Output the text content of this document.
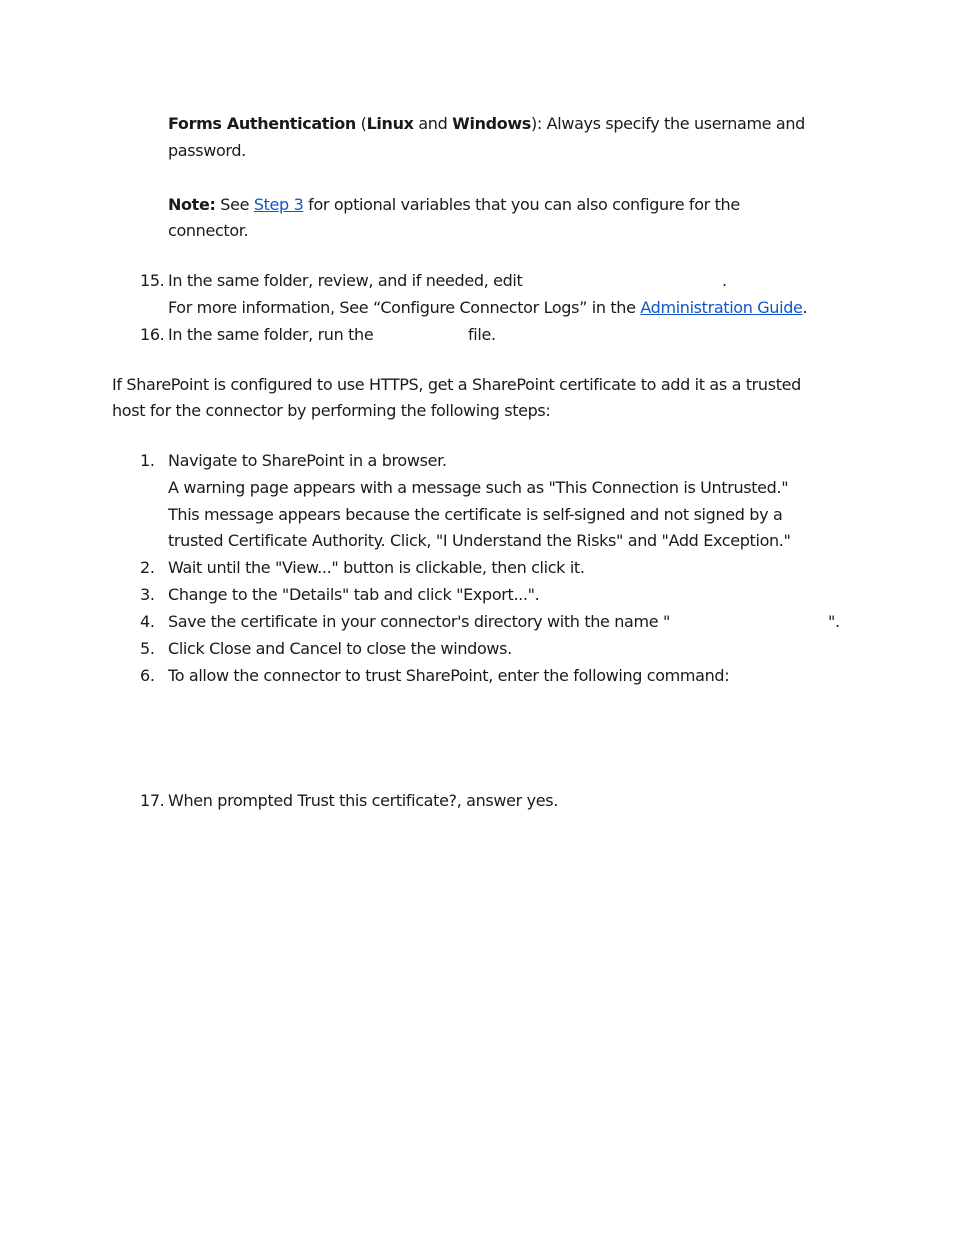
Forms Authentication (Linux and Windows): Always specify the username and
password.
Note: See Step 3 for optional variables that you can also configure for the
connector.
15. In the same folder, review, and if needed, edit	.
For more information, See “Configure Connector Logs” in the Administration Guide.
16. In the same folder, run the	file.
If SharePoint is configured to use HTTPS, get a SharePoint certificate to add it as a trusted
host for the connector by performing the following steps:
1. Navigate to SharePoint in a browser.
A warning page appears with a message such as "This Connection is Untrusted."
This message appears because the certificate is self-signed and not signed by a
trusted Certificate Authority. Click, "I Understand the Risks" and "Add Exception."
2. Wait until the "View..." button is clickable, then click it.
3. Change to the "Details" tab and click "Export...".
4. Save the certificate in your connector's directory with the name "	".
5. Click Close and Cancel to close the windows.
6. To allow the connector to trust SharePoint, enter the following command:
17. When prompted Trust this certificate?, answer yes.
